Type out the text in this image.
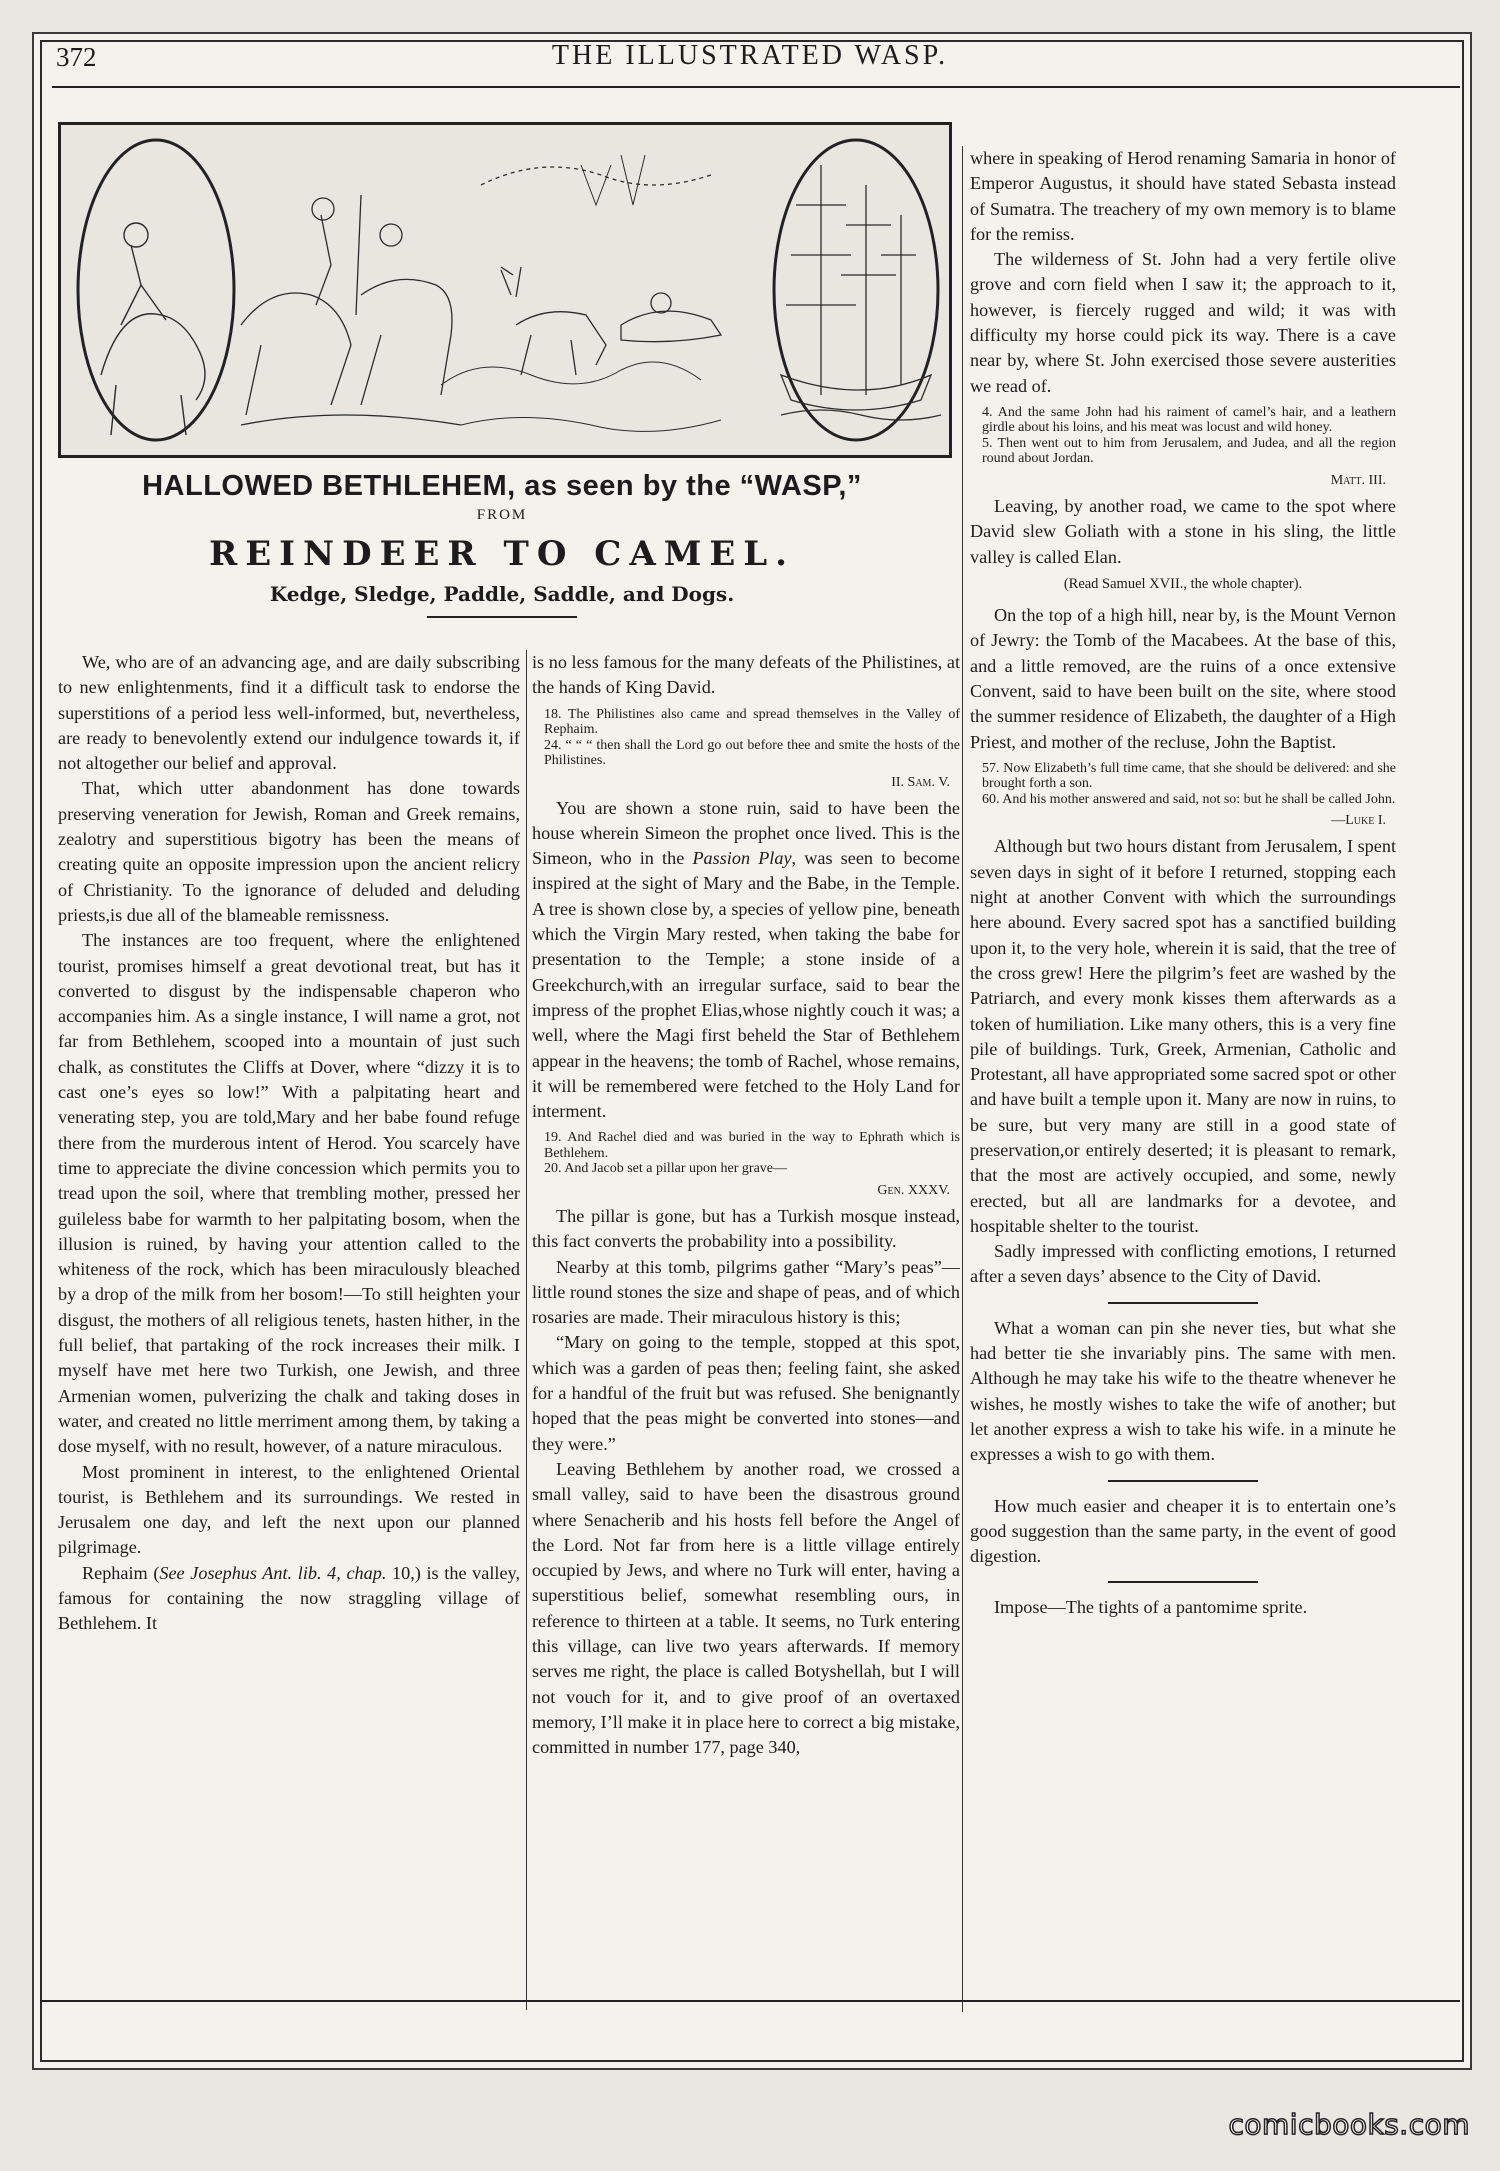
372	THE ILLUSTRATED WASP.
HALLOWED BETHLEHEM, as seen by the “WASP,”
FROM
REINDEER TO CAMEL.
Kedge, Sledge, Paddle, Saddle, and Dogs.

We, who are of an advancing age, and are daily subscribing to new enlightenments, find it a difficult task to endorse the superstitions of a period less well-informed, but, nevertheless, are ready to benevolently extend our indulgence towards it, if not altogether our belief and approval.

That, which utter abandonment has done towards preserving veneration for Jewish, Roman and Greek remains, zealotry and superstitious bigotry has been the means of creating quite an opposite impression upon the ancient relicry of Christianity. To the ignorance of deluded and deluding priests,is due all of the blameable remissness.

The instances are too frequent, where the enlightened tourist, promises himself a great devotional treat, but has it converted to disgust by the indispensable chaperon who accompanies him. As a single instance, I will name a grot, not far from Bethlehem, scooped into a mountain of just such chalk, as constitutes the Cliffs at Dover, where “dizzy it is to cast one’s eyes so low!” With a palpitating heart and venerating step, you are told,Mary and her babe found refuge there from the murderous intent of Herod. You scarcely have time to appreciate the divine concession which permits you to tread upon the soil, where that trembling mother, pressed her guileless babe for warmth to her palpitating bosom, when the illusion is ruined, by having your attention called to the whiteness of the rock, which has been miraculously bleached by a drop of the milk from her bosom!—To still heighten your disgust, the mothers of all religious tenets, hasten hither, in the full belief, that partaking of the rock increases their milk. I myself have met here two Turkish, one Jewish, and three Armenian women, pulverizing the chalk and taking doses in water, and created no little merriment among them, by taking a dose myself, with no result, however, of a nature miraculous.

Most prominent in interest, to the enlightened Oriental tourist, is Bethlehem and its surroundings. We rested in Jerusalem one day, and left the next upon our planned pilgrimage.

Rephaim (See Josephus Ant. lib. 4, chap. 10,) is the valley, famous for containing the now straggling village of Bethlehem. It

is no less famous for the many defeats of the Philistines, at the hands of King David.

18. The Philistines also came and spread themselves in the Valley of Rephaim.
24. “ “ “ then shall the Lord go out before thee and smite the hosts of the Philistines.
II. Sam. V.

You are shown a stone ruin, said to have been the house wherein Simeon the prophet once lived. This is the Simeon, who in the Passion Play, was seen to become inspired at the sight of Mary and the Babe, in the Temple. A tree is shown close by, a species of yellow pine, beneath which the Virgin Mary rested, when taking the babe for presentation to the Temple; a stone inside of a Greekchurch,with an irregular surface, said to bear the impress of the prophet Elias,whose nightly couch it was; a well, where the Magi first beheld the Star of Bethlehem appear in the heavens; the tomb of Rachel, whose remains, it will be remembered were fetched to the Holy Land for interment.

19. And Rachel died and was buried in the way to Ephrath which is Bethlehem.
20. And Jacob set a pillar upon her grave—
Gen. XXXV.

The pillar is gone, but has a Turkish mosque instead, this fact converts the probability into a possibility.

Nearby at this tomb, pilgrims gather “Mary’s peas”—little round stones the size and shape of peas, and of which rosaries are made. Their miraculous history is this;

“Mary on going to the temple, stopped at this spot, which was a garden of peas then; feeling faint, she asked for a handful of the fruit but was refused. She benignantly hoped that the peas might be converted into stones—and they were.”

Leaving Bethlehem by another road, we crossed a small valley, said to have been the disastrous ground where Senacherib and his hosts fell before the Angel of the Lord. Not far from here is a little village entirely occupied by Jews, and where no Turk will enter, having a superstitious belief, somewhat resembling ours, in reference to thirteen at a table. It seems, no Turk entering this village, can live two years afterwards. If memory serves me right, the place is called Botyshellah, but I will not vouch for it, and to give proof of an overtaxed memory, I’ll make it in place here to correct a big mistake, committed in number 177, page 340,

where in speaking of Herod renaming Samaria in honor of Emperor Augustus, it should have stated Sebasta instead of Sumatra. The treachery of my own memory is to blame for the remiss.

The wilderness of St. John had a very fertile olive grove and corn field when I saw it; the approach to it, however, is fiercely rugged and wild; it was with difficulty my horse could pick its way. There is a cave near by, where St. John exercised those severe austerities we read of.

4. And the same John had his raiment of camel’s hair, and a leathern girdle about his loins, and his meat was locust and wild honey.
5. Then went out to him from Jerusalem, and Judea, and all the region round about Jordan.
Matt. III.

Leaving, by another road, we came to the spot where David slew Goliath with a stone in his sling, the little valley is called Elan.

(Read Samuel XVII., the whole chapter).

On the top of a high hill, near by, is the Mount Vernon of Jewry: the Tomb of the Macabees. At the base of this, and a little removed, are the ruins of a once extensive Convent, said to have been built on the site, where stood the summer residence of Elizabeth, the daughter of a High Priest, and mother of the recluse, John the Baptist.

57. Now Elizabeth’s full time came, that she should be delivered: and she brought forth a son.
60. And his mother answered and said, not so: but he shall be called John.
—Luke I.

Although but two hours distant from Jerusalem, I spent seven days in sight of it before I returned, stopping each night at another Convent with which the surroundings here abound. Every sacred spot has a sanctified building upon it, to the very hole, wherein it is said, that the tree of the cross grew! Here the pilgrim’s feet are washed by the Patriarch, and every monk kisses them afterwards as a token of humiliation. Like many others, this is a very fine pile of buildings. Turk, Greek, Armenian, Catholic and Protestant, all have appropriated some sacred spot or other and have built a temple upon it. Many are now in ruins, to be sure, but very many are still in a good state of preservation,or entirely deserted; it is pleasant to remark, that the most are actively occupied, and some, newly erected, but all are landmarks for a devotee, and hospitable shelter to the tourist.

Sadly impressed with conflicting emotions, I returned after a seven days’ absence to the City of David.

What a woman can pin she never ties, but what she had better tie she invariably pins. The same with men. Although he may take his wife to the theatre whenever he wishes, he mostly wishes to take the wife of another; but let another express a wish to take his wife. in a minute he expresses a wish to go with them.

How much easier and cheaper it is to entertain one’s good suggestion than the same party, in the event of good digestion.

Impose—The tights of a pantomime sprite.

comicbooks.com
